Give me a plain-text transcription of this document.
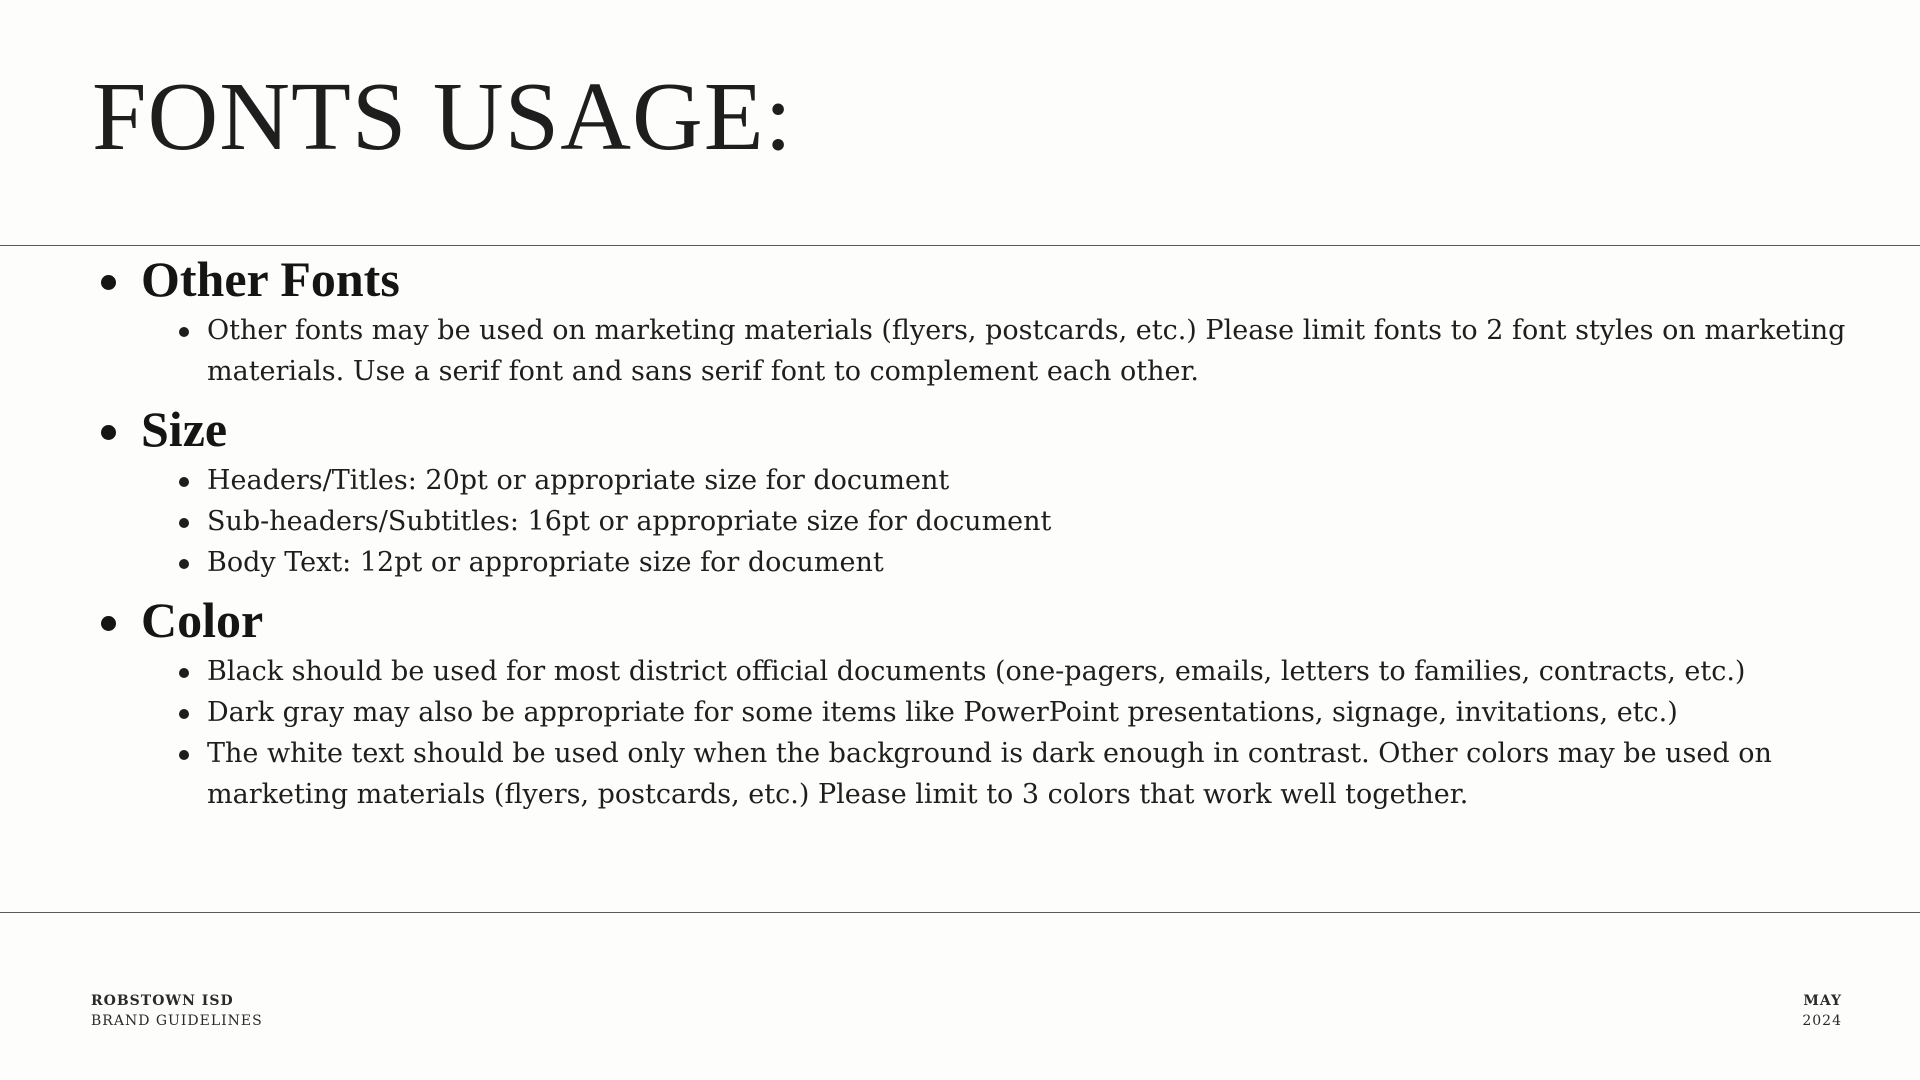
FONTS USAGE:
Other Fonts
Other fonts may be used on marketing materials (flyers, postcards, etc.) Please limit fonts to 2 font styles on marketing materials. Use a serif font and sans serif font to complement each other.
Size
Headers/Titles: 20pt or appropriate size for document
Sub-headers/Subtitles: 16pt or appropriate size for document
Body Text: 12pt or appropriate size for document
Color
Black should be used for most district official documents (one-pagers, emails, letters to families, contracts, etc.)
Dark gray may also be appropriate for some items like PowerPoint presentations, signage, invitations, etc.)
The white text should be used only when the background is dark enough in contrast. Other colors may be used on marketing materials (flyers, postcards, etc.) Please limit to 3 colors that work well together.
ROBSTOWN ISD
BRAND GUIDELINES
MAY
2024
